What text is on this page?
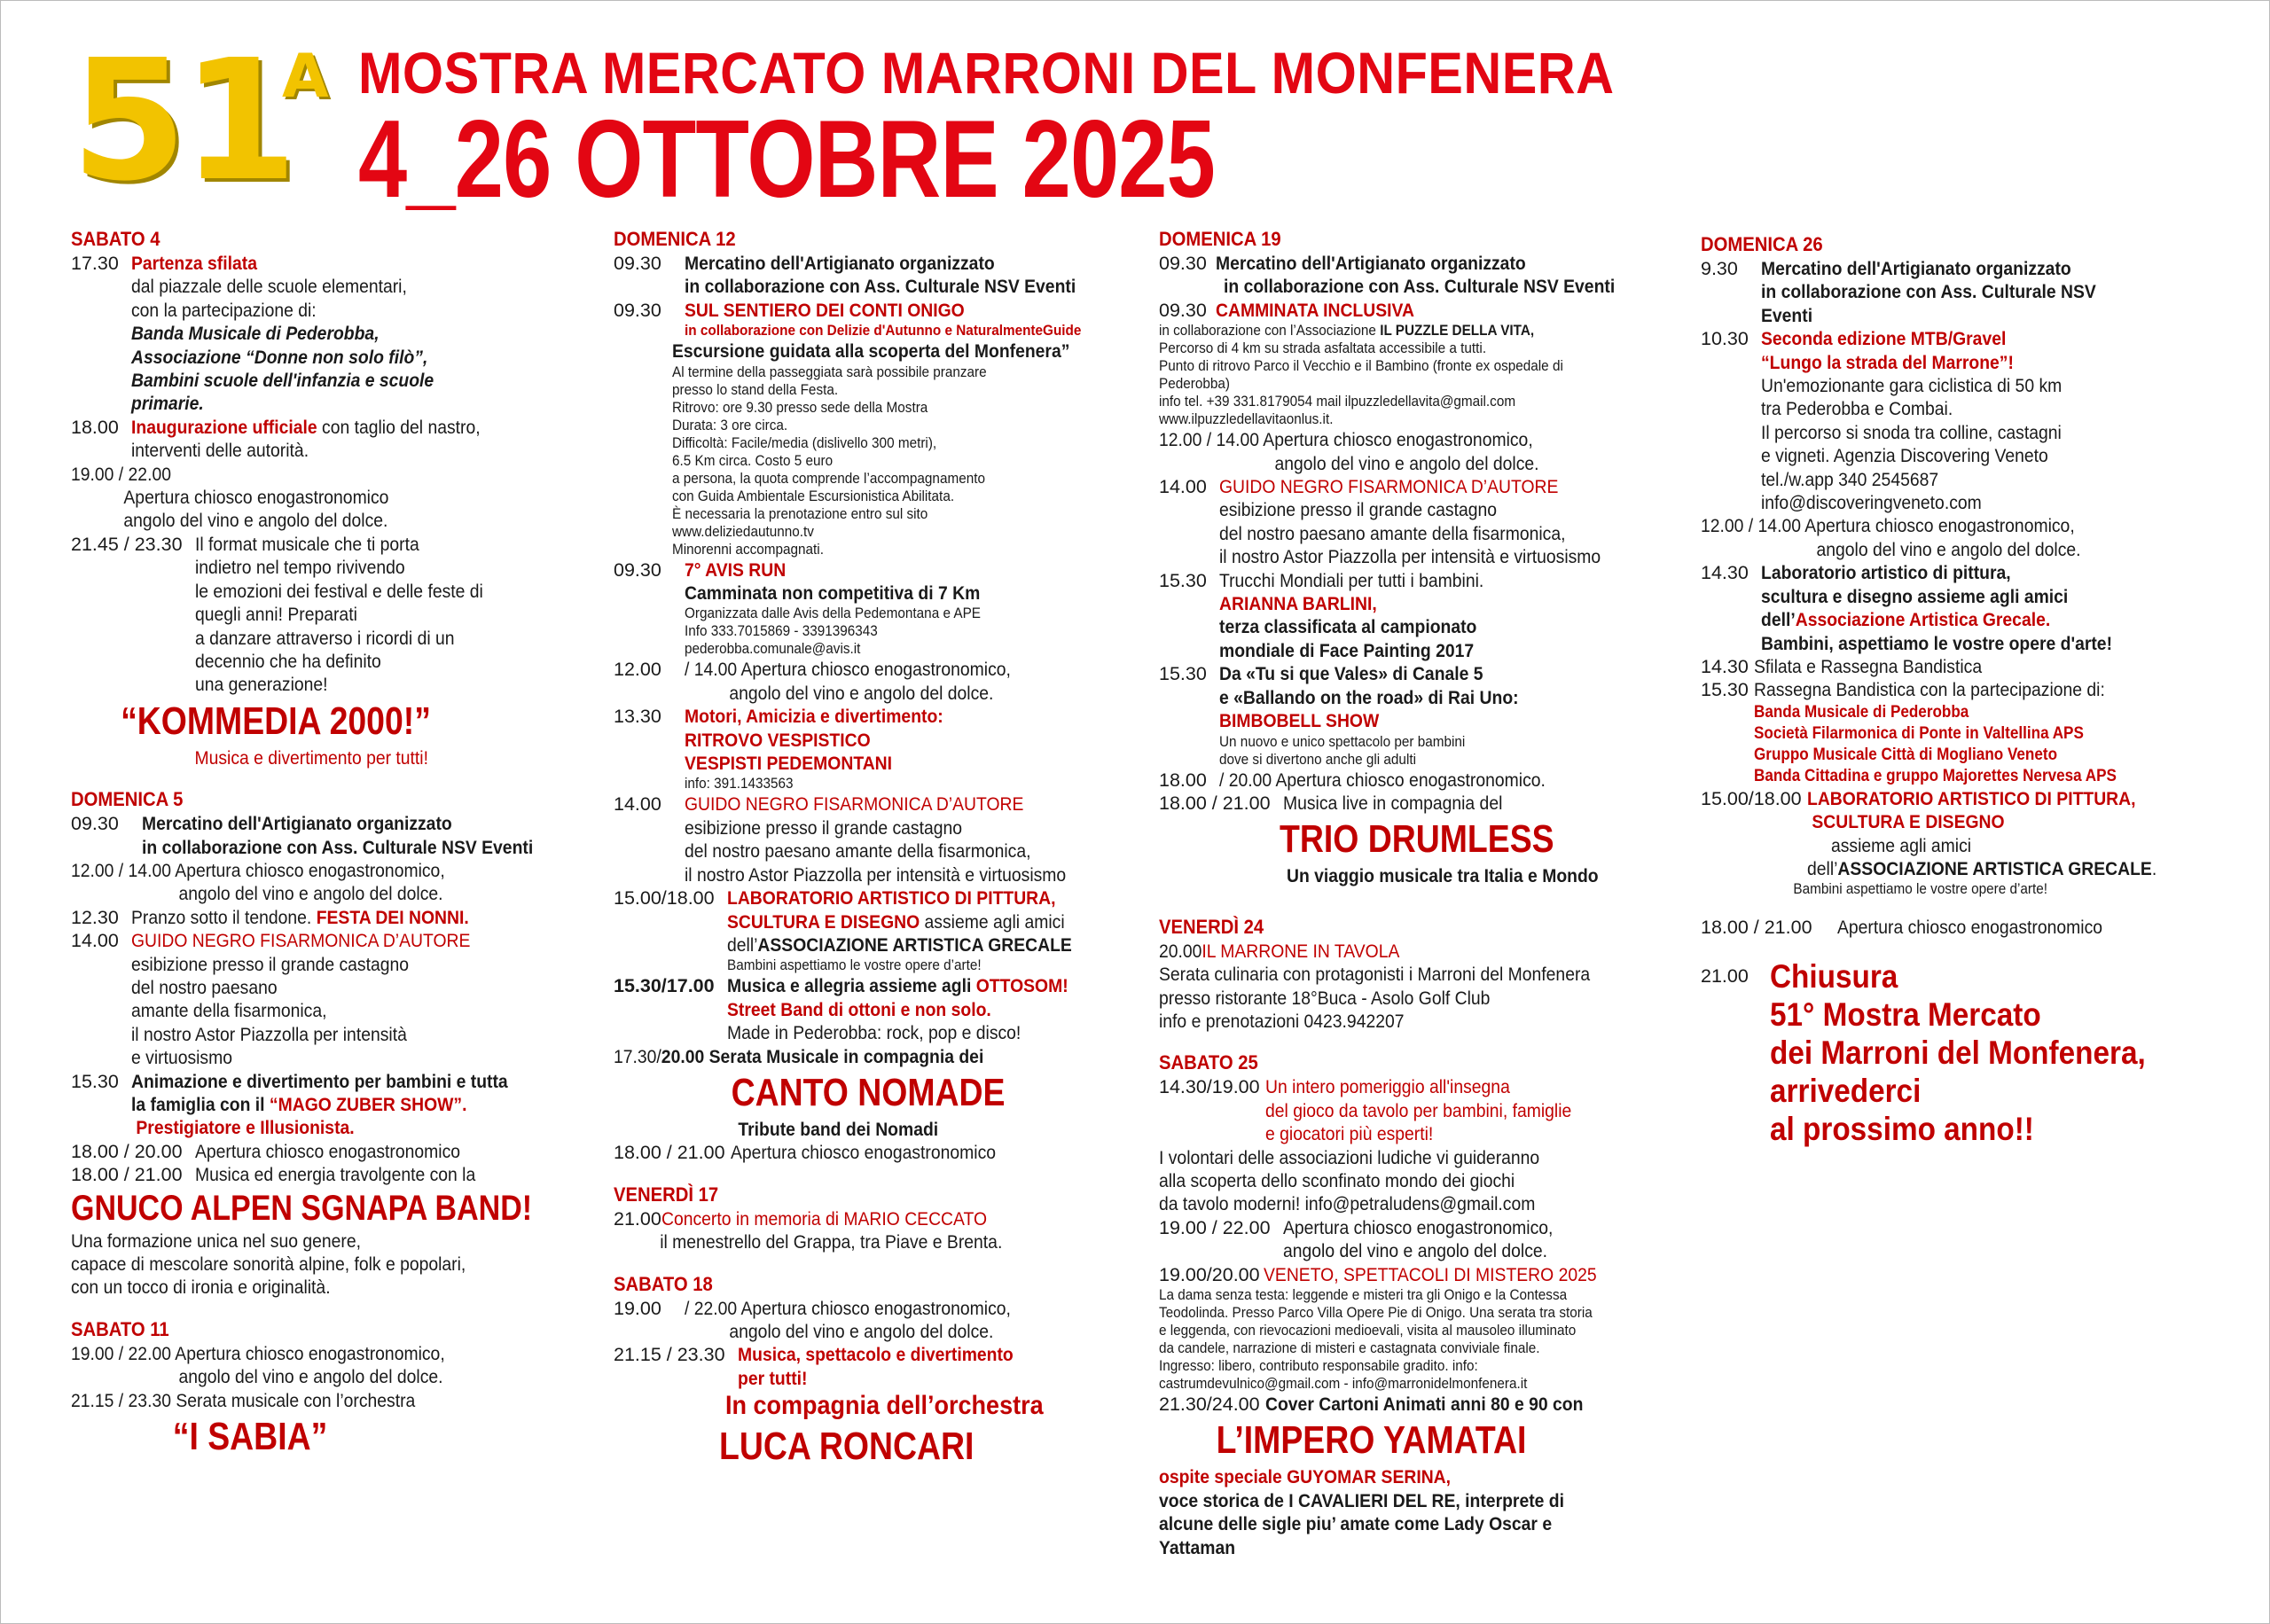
51
A MOSTRA MERCATO MARRONI DEL MONFENERA
4_26 OTTOBRE 2025
SABATO 4
17.30 Partenza sfilata
dal piazzale delle scuole elementari,
con la partecipazione di:
Banda Musicale di Pederobba,
Associazione “Donne non solo filò”,
Bambini scuole dell'infanzia e scuole
primarie.
18.00 Inaugurazione ufficiale con taglio del nastro,
interventi delle autorità.
19.00 / 22.00
Apertura chiosco enogastronomico
angolo del vino e angolo del dolce.
21.45 / 23.30 Il format musicale che ti porta
indietro nel tempo rivivendo
le emozioni dei festival e delle feste di
quegli anni! Preparati
a danzare attraverso i ricordi di un
decennio che ha definito
una generazione!
“KOMMEDIA 2000!”
Musica e divertimento per tutti!
DOMENICA 5
09.30	Mercatino dell'Artigianato organizzato
in collaborazione con Ass. Culturale NSV Eventi
12.00 / 14.00 Apertura chiosco enogastronomico,
angolo del vino e angolo del dolce.
12.30 Pranzo sotto il tendone. FESTA DEI NONNI.
14.00 GUIDO NEGRO FISARMONICA D’AUTORE
esibizione presso il grande castagno
del nostro paesano
amante della fisarmonica,
il nostro Astor Piazzolla per intensità
e virtuosismo
15.30 Animazione e divertimento per bambini e tutta
la famiglia con il “MAGO ZUBER SHOW”.
Prestigiatore e Illusionista.
18.00 / 20.00 Apertura chiosco enogastronomico
18.00 / 21.00 Musica ed energia travolgente con la
GNUCO ALPEN SGNAPA BAND!
Una formazione unica nel suo genere,
capace di mescolare sonorità alpine, folk e popolari,
con un tocco di ironia e originalità.
SABATO 11
19.00 / 22.00 Apertura chiosco enogastronomico,
angolo del vino e angolo del dolce.
21.15 / 23.30 Serata musicale con l’orchestra
“I SABIA”
DOMENICA 12
09.30	Mercatino dell'Artigianato organizzato
in collaborazione con Ass. Culturale NSV Eventi
09.30	SUL SENTIERO DEI CONTI ONIGO
in collaborazione con Delizie d'Autunno e NaturalmenteGuide
Escursione guidata alla scoperta del Monfenera”
Al termine della passeggiata sarà possibile pranzare
presso lo stand della Festa.
Ritrovo: ore 9.30 presso sede della Mostra
Durata: 3 ore circa.
Difficoltà: Facile/media (dislivello 300 metri),
6.5 Km circa. Costo 5 euro
a persona, la quota comprende l’accompagnamento
con Guida Ambientale Escursionistica Abilitata.
È necessaria la prenotazione entro sul sito
www.deliziedautunno.tv
Minorenni accompagnati.
09.30	7° AVIS RUN
Camminata non competitiva di 7 Km
Organizzata dalle Avis della Pedemontana e APE
Info 333.7015869 - 3391396343
pederobba.comunale@avis.it
12.00	/ 14.00 Apertura chiosco enogastronomico,
angolo del vino e angolo del dolce.
13.30	Motori, Amicizia e divertimento:
RITROVO VESPISTICO
VESPISTI PEDEMONTANI
info: 391.1433563
14.00	GUIDO NEGRO FISARMONICA D’AUTORE
esibizione presso il grande castagno
del nostro paesano amante della fisarmonica,
il nostro Astor Piazzolla per intensità e virtuosismo
15.00/18.00 LABORATORIO ARTISTICO DI PITTURA,
SCULTURA E DISEGNO assieme agli amici
dell’ASSOCIAZIONE ARTISTICA GRECALE
Bambini aspettiamo le vostre opere d’arte!
15.30/17.00 Musica e allegria assieme agli OTTOSOM!
Street Band di ottoni e non solo.
Made in Pederobba: rock, pop e disco!
17.30/20.00 Serata Musicale in compagnia dei
CANTO NOMADE
Tribute band dei Nomadi
18.00 / 21.00 Apertura chiosco enogastronomico
VENERDÌ 17
21.00 Concerto in memoria di MARIO CECCATO
il menestrello del Grappa, tra Piave e Brenta.
SABATO 18
19.00	/ 22.00 Apertura chiosco enogastronomico,
angolo del vino e angolo del dolce.
21.15 / 23.30 Musica, spettacolo e divertimento
per tutti!
In compagnia dell’orchestra
LUCA RONCARI
DOMENICA 19
09.30 Mercatino dell'Artigianato organizzato
in collaborazione con Ass. Culturale NSV Eventi
09.30 CAMMINATA INCLUSIVA
in collaborazione con l’Associazione IL PUZZLE DELLA VITA,
Percorso di 4 km su strada asfaltata accessibile a tutti.
Punto di ritrovo Parco il Vecchio e il Bambino (fronte ex ospedale di
Pederobba)
info tel. +39 331.8179054 mail ilpuzzledellavita@gmail.com
www.ilpuzzledellavitaonlus.it.
12.00 / 14.00 Apertura chiosco enogastronomico,
angolo del vino e angolo del dolce.
14.00 GUIDO NEGRO FISARMONICA D’AUTORE
esibizione presso il grande castagno
del nostro paesano amante della fisarmonica,
il nostro Astor Piazzolla per intensità e virtuosismo
15.30 Trucchi Mondiali per tutti i bambini.
ARIANNA BARLINI,
terza classificata al campionato
mondiale di Face Painting 2017
15.30 Da «Tu si que Vales» di Canale 5
e «Ballando on the road» di Rai Uno:
BIMBOBELL SHOW
Un nuovo e unico spettacolo per bambini
dove si divertono anche gli adulti
18.00 / 20.00 Apertura chiosco enogastronomico.
18.00 / 21.00 Musica live in compagnia del
TRIO DRUMLESS
Un viaggio musicale tra Italia e Mondo
VENERDÌ 24
20.00IL MARRONE IN TAVOLA
Serata culinaria con protagonisti i Marroni del Monfenera
presso ristorante 18°Buca - Asolo Golf Club
info e prenotazioni 0423.942207
SABATO 25
14.30/19.00 Un intero pomeriggio all'insegna
del gioco da tavolo per bambini, famiglie
e giocatori più esperti!
I volontari delle associazioni ludiche vi guideranno
alla scoperta dello sconfinato mondo dei giochi
da tavolo moderni! info@petraludens@gmail.com
19.00 / 22.00 Apertura chiosco enogastronomico,
angolo del vino e angolo del dolce.
19.00/20.00 VENETO, SPETTACOLI DI MISTERO 2025
La dama senza testa: leggende e misteri tra gli Onigo e la Contessa
Teodolinda. Presso Parco Villa Opere Pie di Onigo. Una serata tra storia
e leggenda, con rievocazioni medioevali, visita al mausoleo illuminato
da candele, narrazione di misteri e castagnata conviviale finale.
Ingresso: libero, contributo responsabile gradito. info:
castrumdevulnico@gmail.com - info@marronidelmonfenera.it
21.30/24.00 Cover Cartoni Animati anni 80 e 90 con
L’IMPERO YAMATAI
ospite speciale GUYOMAR SERINA,
voce storica de I CAVALIERI DEL RE, interprete di
alcune delle sigle piu’ amate come Lady Oscar e
Yattaman
DOMENICA 26
9.30	Mercatino dell'Artigianato organizzato
in collaborazione con Ass. Culturale NSV
Eventi
10.30 Seconda edizione MTB/Gravel
“Lungo la strada del Marrone”!
Un'emozionante gara ciclistica di 50 km
tra Pederobba e Combai.
Il percorso si snoda tra colline, castagni
e vigneti. Agenzia Discovering Veneto
tel./w.app 340 2545687
info@discoveringveneto.com
12.00 / 14.00 Apertura chiosco enogastronomico,
angolo del vino e angolo del dolce.
14.30 Laboratorio artistico di pittura,
scultura e disegno assieme agli amici
dell’Associazione Artistica Grecale.
Bambini, aspettiamo le vostre opere d'arte!
14.30 Sfilata e Rassegna Bandistica
15.30 Rassegna Bandistica con la partecipazione di:
Banda Musicale di Pederobba
Società Filarmonica di Ponte in Valtellina APS
Gruppo Musicale Città di Mogliano Veneto
Banda Cittadina e gruppo Majorettes Nervesa APS
15.00/18.00 LABORATORIO ARTISTICO DI PITTURA,
SCULTURA E DISEGNO
assieme agli amici
dell’ASSOCIAZIONE ARTISTICA GRECALE.
Bambini aspettiamo le vostre opere d’arte!
18.00 / 21.00	Apertura chiosco enogastronomico
21.00 Chiusura
51° Mostra Mercato
dei Marroni del Monfenera,
arrivederci
al prossimo anno!!
